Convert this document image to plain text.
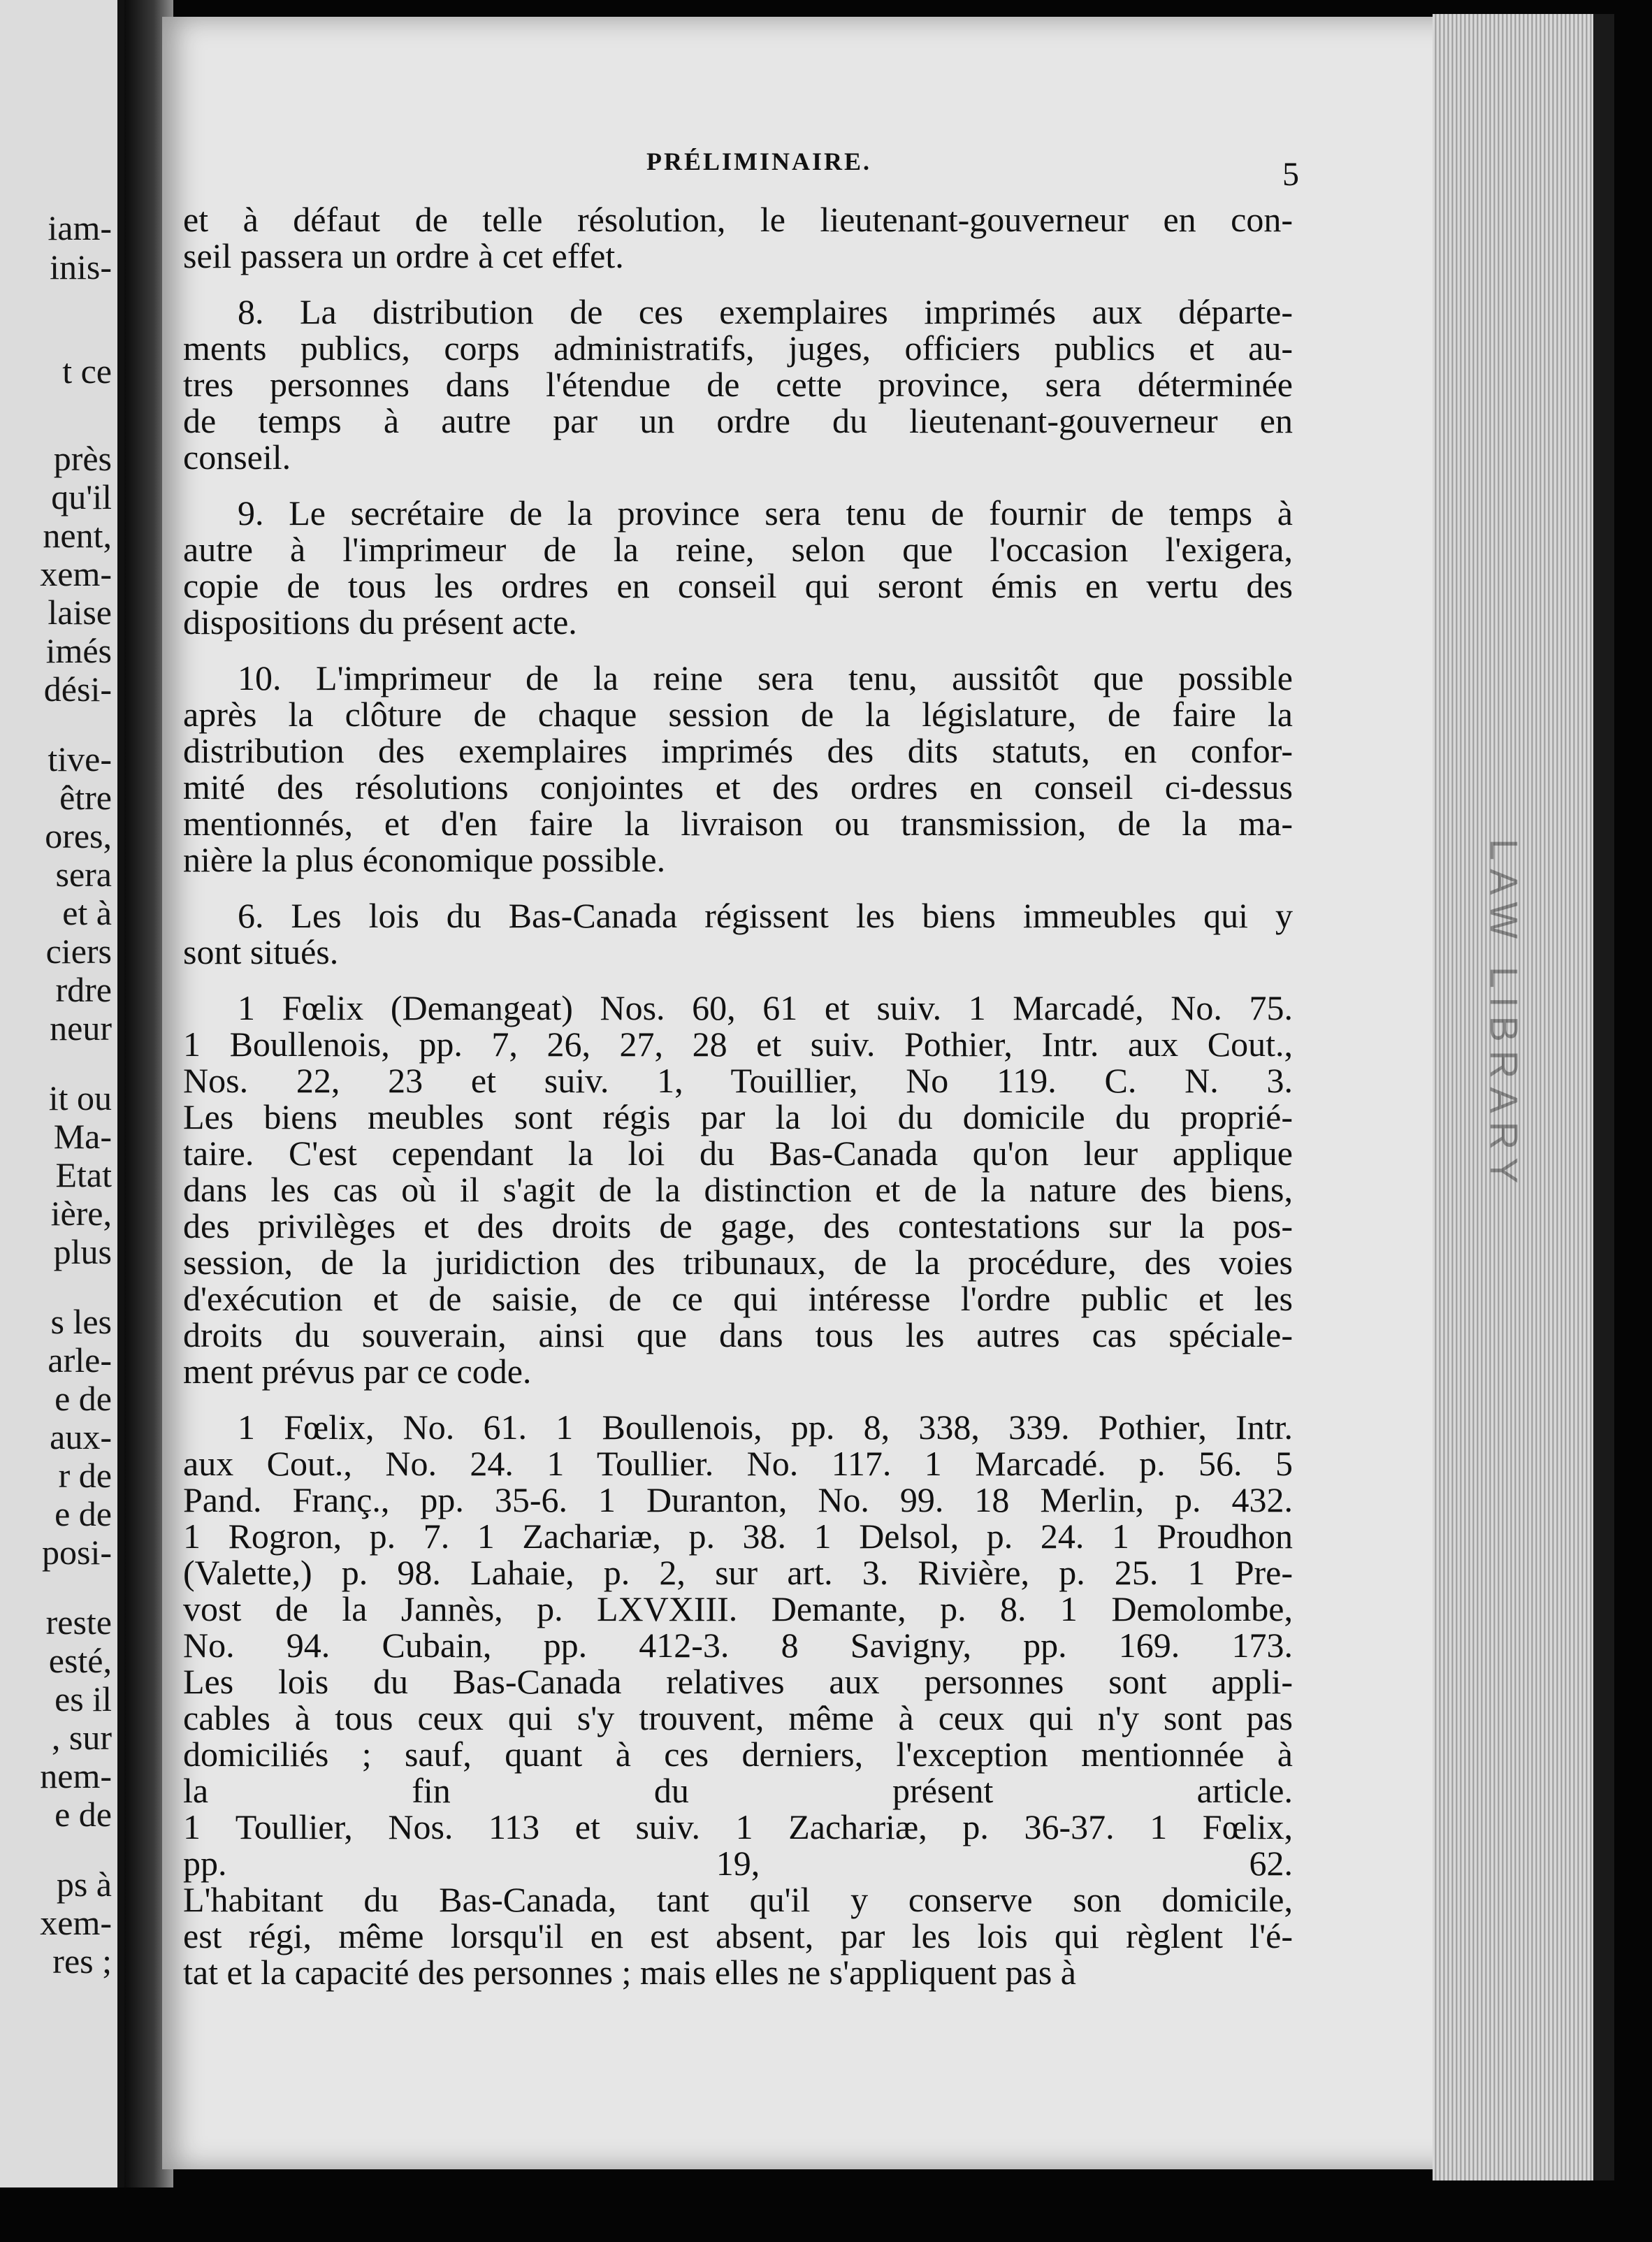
iam-

inis-

t ce

près

qu'il

nent,

xem-

laise

imés

dési-

tive-

être

ores,

sera

et à

ciers

rdre

neur

it ou

Ma-

Etat

ière,

plus

s les

arle-

e de

aux-

r de

e de

posi-

reste

esté,

es il

, sur

nem-

e de

ps à

xem-

res ;

LAW LIBRARY

PRÉLIMINAIRE.	5

et à défaut de telle résolution, le lieutenant-gouverneur en con-
seil passera un ordre à cet effet.
8. La distribution de ces exemplaires imprimés aux départe-
ments publics, corps administratifs, juges, officiers publics et au-
tres personnes dans l'étendue de cette province, sera déterminée
de temps à autre par un ordre du lieutenant-gouverneur en
conseil.
9. Le secrétaire de la province sera tenu de fournir de temps à
autre à l'imprimeur de la reine, selon que l'occasion l'exigera,
copie de tous les ordres en conseil qui seront émis en vertu des
dispositions du présent acte.
10. L'imprimeur de la reine sera tenu, aussitôt que possible
après la clôture de chaque session de la législature, de faire la
distribution des exemplaires imprimés des dits statuts, en confor-
mité des résolutions conjointes et des ordres en conseil ci-dessus
mentionnés, et d'en faire la livraison ou transmission, de la ma-
nière la plus économique possible.
6. Les lois du Bas-Canada régissent les biens immeubles qui y
sont situés.
1 Fœlix (Demangeat) Nos. 60, 61 et suiv. 1 Marcadé, No. 75.
1 Boullenois, pp. 7, 26, 27, 28 et suiv. Pothier, Intr. aux Cout.,
Nos. 22, 23 et suiv. 1, Touillier, No 119. C. N. 3.
Les biens meubles sont régis par la loi du domicile du proprié-
taire. C'est cependant la loi du Bas-Canada qu'on leur applique
dans les cas où il s'agit de la distinction et de la nature des biens,
des privilèges et des droits de gage, des contestations sur la pos-
session, de la juridiction des tribunaux, de la procédure, des voies
d'exécution et de saisie, de ce qui intéresse l'ordre public et les
droits du souverain, ainsi que dans tous les autres cas spéciale-
ment prévus par ce code.
1 Fœlix, No. 61. 1 Boullenois, pp. 8, 338, 339. Pothier, Intr.
aux Cout., No. 24. 1 Toullier. No. 117. 1 Marcadé. p. 56. 5
Pand. Franç., pp. 35-6. 1 Duranton, No. 99. 18 Merlin, p. 432.
1 Rogron, p. 7. 1 Zachariæ, p. 38. 1 Delsol, p. 24. 1 Proudhon
(Valette,) p. 98. Lahaie, p. 2, sur art. 3. Rivière, p. 25. 1 Pre-
vost de la Jannès, p. LXVXIII. Demante, p. 8. 1 Demolombe,
No. 94. Cubain, pp. 412-3. 8 Savigny, pp. 169. 173.
Les lois du Bas-Canada relatives aux personnes sont appli-
cables à tous ceux qui s'y trouvent, même à ceux qui n'y sont pas
domiciliés ; sauf, quant à ces derniers, l'exception mentionnée à
la fin du présent article.
1 Toullier, Nos. 113 et suiv. 1 Zachariæ, p. 36-37. 1 Fœlix,
pp. 19, 62.
L'habitant du Bas-Canada, tant qu'il y conserve son domicile,
est régi, même lorsqu'il en est absent, par les lois qui règlent l'é-
tat et la capacité des personnes ; mais elles ne s'appliquent pas à
